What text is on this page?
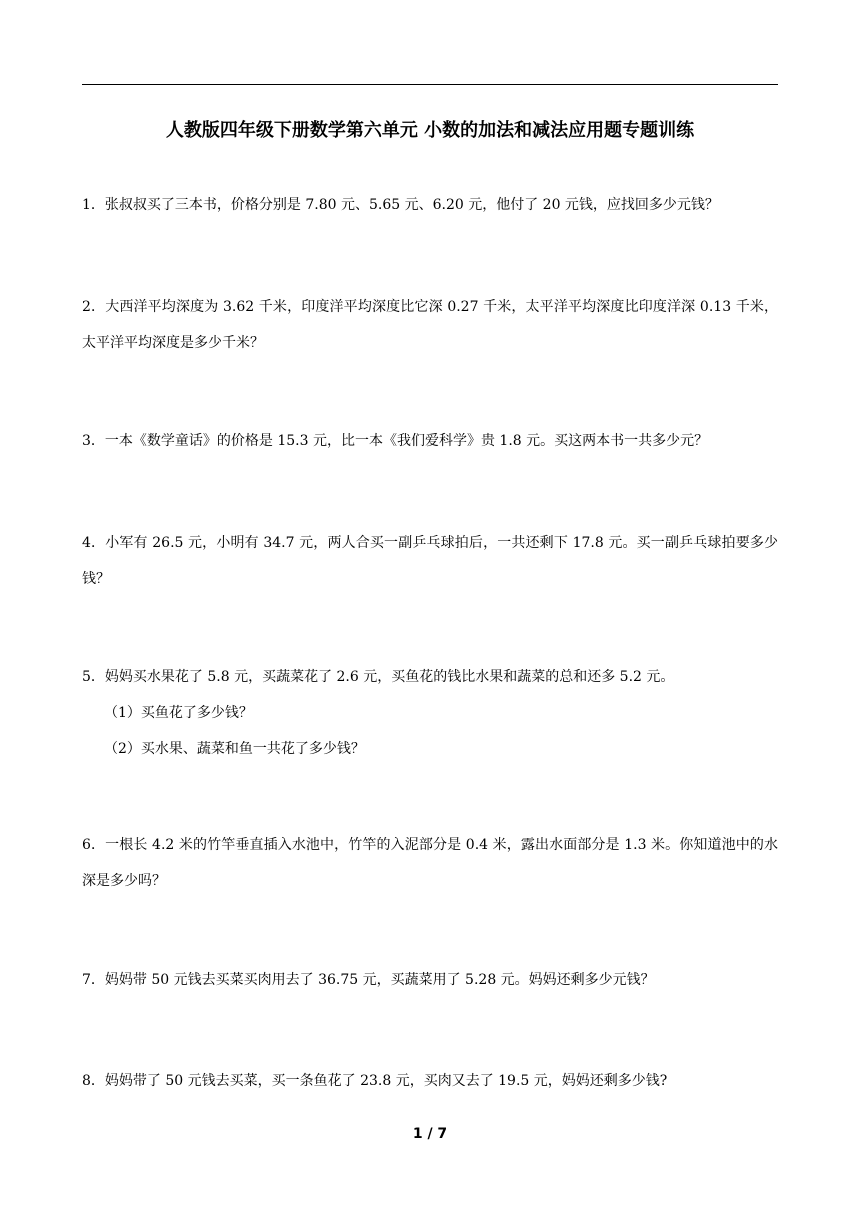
人教版四年级下册数学第六单元 小数的加法和减法应用题专题训练

1．张叔叔买了三本书，价格分别是 7.80 元、5.65 元、6.20 元，他付了 20 元钱，应找回多少元钱？

2．大西洋平均深度为 3.62 千米，印度洋平均深度比它深 0.27 千米，太平洋平均深度比印度洋深 0.13 千米，太平洋平均深度是多少千米？

3．一本《数学童话》的价格是 15.3 元，比一本《我们爱科学》贵 1.8 元。买这两本书一共多少元？

4．小军有 26.5 元，小明有 34.7 元，两人合买一副乒乓球拍后，一共还剩下 17.8 元。买一副乒乓球拍要多少钱？

5．妈妈买水果花了 5.8 元，买蔬菜花了 2.6 元，买鱼花的钱比水果和蔬菜的总和还多 5.2 元。

（1）买鱼花了多少钱？

（2）买水果、蔬菜和鱼一共花了多少钱？

6．一根长 4.2 米的竹竿垂直插入水池中，竹竿的入泥部分是 0.4 米，露出水面部分是 1.3 米。你知道池中的水深是多少吗？

7．妈妈带 50 元钱去买菜买肉用去了 36.75 元，买蔬菜用了 5.28 元。妈妈还剩多少元钱？

8．妈妈带了 50 元钱去买菜，买一条鱼花了 23.8 元，买肉又去了 19.5 元，妈妈还剩多少钱?

1 / 7
